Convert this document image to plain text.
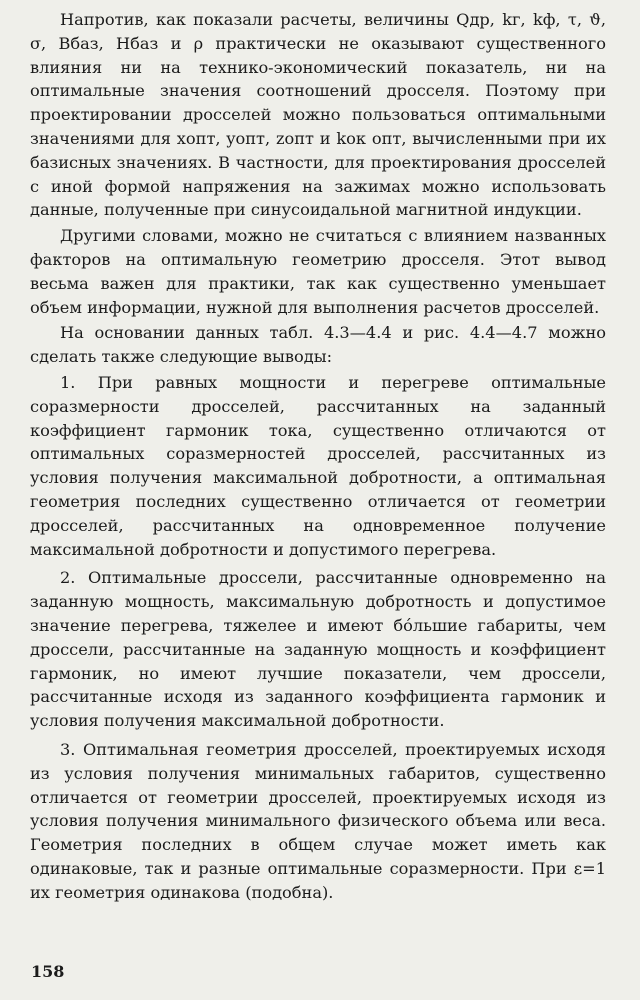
Напротив, как показали расчеты, величины Qдр, kг, kф, τ, ϑ, σ, Bбаз, Hбаз и ρ практически не оказывают существенного влияния ни на технико-экономический показатель, ни на оптимальные значения соотношений дросселя. Поэтому при проектировании дросселей можно пользоваться оптимальными значениями для xопт, yопт, zопт и kок опт, вычисленными при их базисных значениях. В частности, для проектирования дросселей с иной формой напряжения на зажимах можно использовать данные, полученные при синусоидальной магнитной индукции.

Другими словами, можно не считаться с влиянием названных факторов на оптимальную геометрию дросселя. Этот вывод весьма важен для практики, так как существенно уменьшает объем информации, нужной для выполнения расчетов дросселей.

На основании данных табл. 4.3—4.4 и рис. 4.4—4.7 можно сделать также следующие выводы:

1. При равных мощности и перегреве оптимальные соразмерности дросселей, рассчитанных на заданный коэффициент гармоник тока, существенно отличаются от оптимальных соразмерностей дросселей, рассчитанных из условия получения максимальной добротности, а оптимальная геометрия последних существенно отличается от геометрии дросселей, рассчитанных на одновременное получение максимальной добротности и допустимого перегрева.

2. Оптимальные дроссели, рассчитанные одновременно на заданную мощность, максимальную добротность и допустимое значение перегрева, тяжелее и имеют бо́льшие габариты, чем дроссели, рассчитанные на заданную мощность и коэффициент гармоник, но имеют лучшие показатели, чем дроссели, рассчитанные исходя из заданного коэффициента гармоник и условия получения максимальной добротности.

3. Оптимальная геометрия дросселей, проектируемых исходя из условия получения минимальных габаритов, существенно отличается от геометрии дросселей, проектируемых исходя из условия получения минимального физического объема или веса. Геометрия последних в общем случае может иметь как одинаковые, так и разные оптимальные соразмерности. При ε=1 их геометрия одинакова (подобна).

158
